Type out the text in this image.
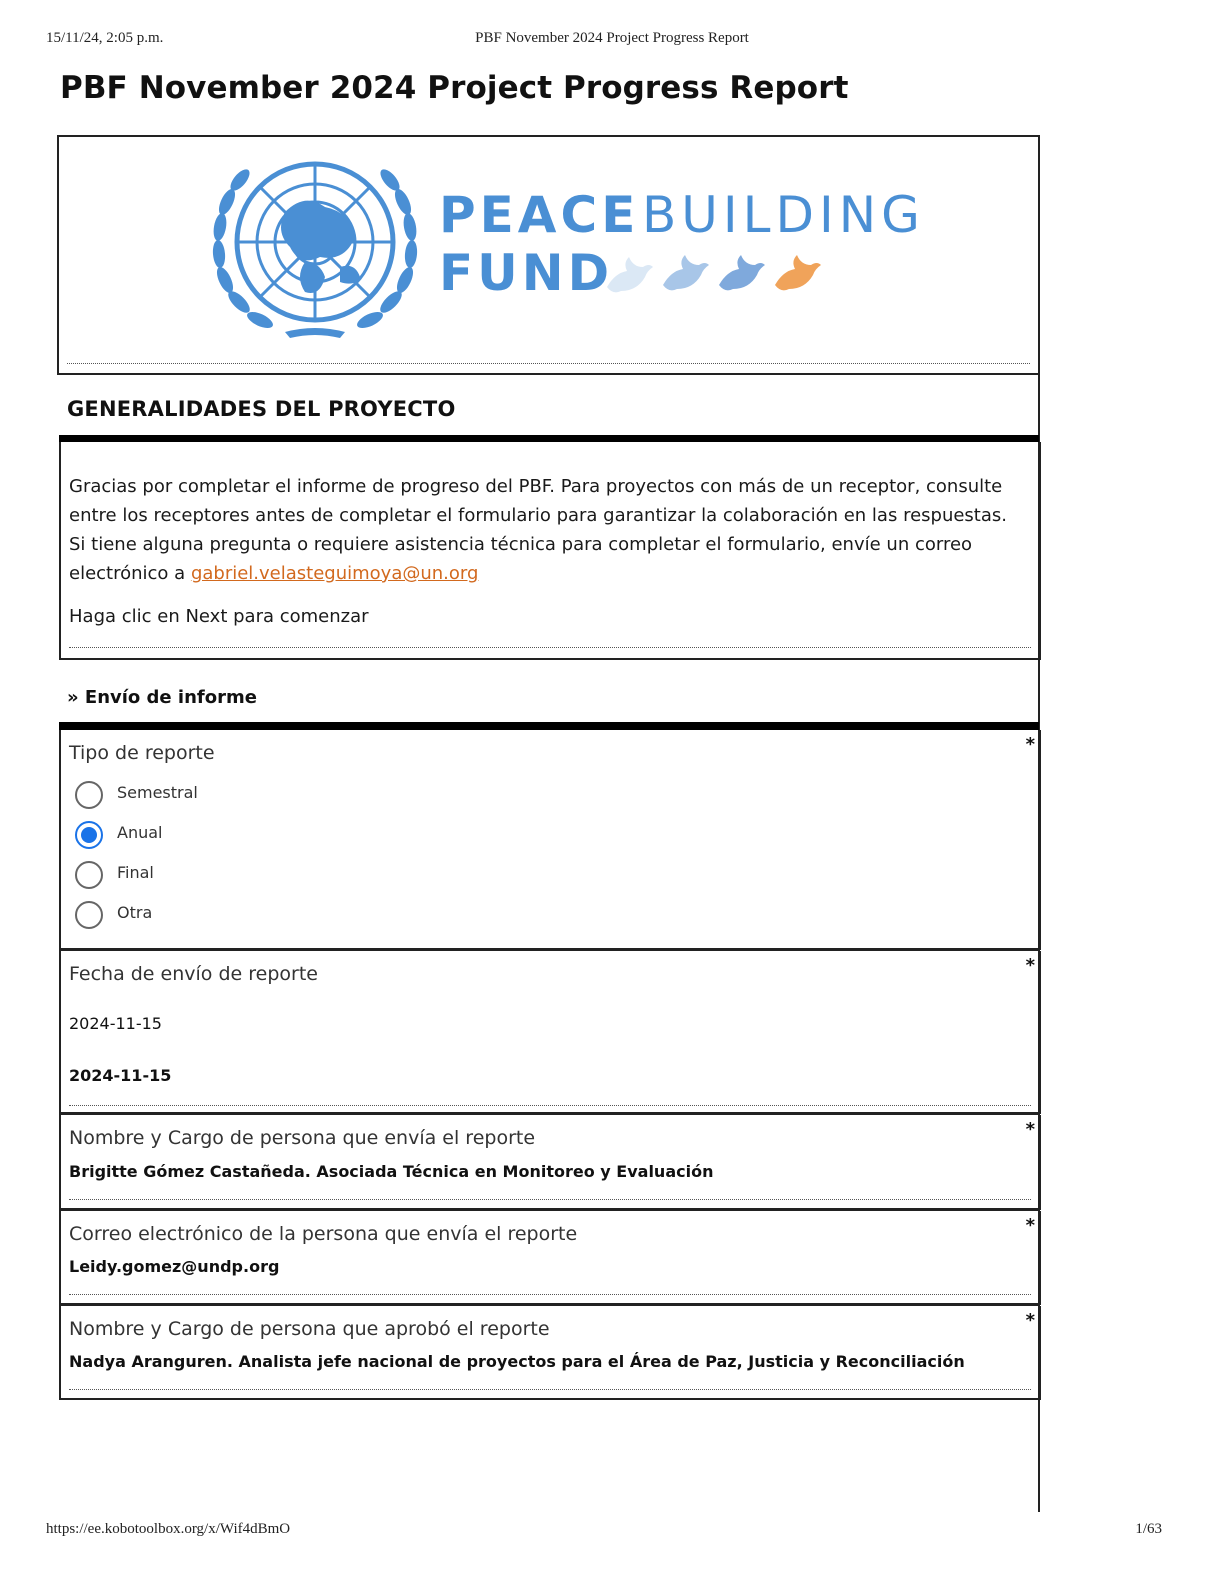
15/11/24, 2:05 p.m.	PBF November 2024 Project Progress Report
PBF November 2024 Project Progress Report
PEACE BUILDING
FUND
GENERALIDADES DEL PROYECTO
Gracias por completar el informe de progreso del PBF. Para proyectos con más de un receptor, consulte entre los receptores antes de completar el formulario para garantizar la colaboración en las respuestas. Si tiene alguna pregunta o requiere asistencia técnica para completar el formulario, envíe un correo electrónico a gabriel.velasteguimoya@un.org
Haga clic en Next para comenzar
» Envío de informe
*
Tipo de reporte
Semestral
Anual
Final
Otra
*
Fecha de envío de reporte
2024-11-15
2024-11-15
*
Nombre y Cargo de persona que envía el reporte
Brigitte Gómez Castañeda. Asociada Técnica en Monitoreo y Evaluación
*
Correo electrónico de la persona que envía el reporte
Leidy.gomez@undp.org
*
Nombre y Cargo de persona que aprobó el reporte
Nadya Aranguren. Analista jefe nacional de proyectos para el Área de Paz, Justicia y Reconciliación
https://ee.kobotoolbox.org/x/Wif4dBmO	1/63
